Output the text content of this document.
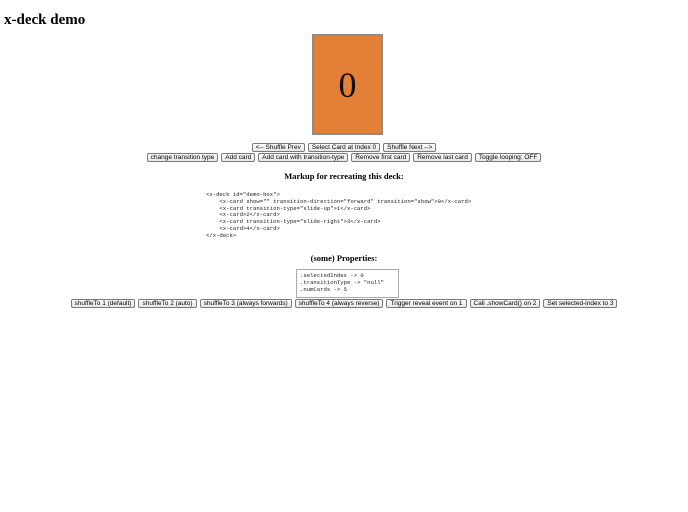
x-deck demo
0
<-- Shuffle Prev	Select Card at Index 0	Shuffle Next -->
change transition type	Add card	Add card with transition-type	Remove first card	Remove last card	Toggle looping: OFF
Markup for recreating this deck:
<x-deck id="demo-box">
<x-card show="" transition-direction="forward" transition="show">0</x-card>
<x-card transition-type="slide-up">1</x-card>
<x-card>2</x-card>
<x-card transition-type="slide-right">3</x-card>
<x-card>4</x-card>
</x-deck>
(some) Properties:
.selectedIndex -> 0
.transitionType -> "null"
.numCards -> 5
shuffleTo 1 (default)	shuffleTo 2 (auto)	shuffleTo 3 (always forwards)	shuffleTo 4 (always reverse)	Trigger reveal event on 1	Call .showCard() on 2	Set selected-index to 3
